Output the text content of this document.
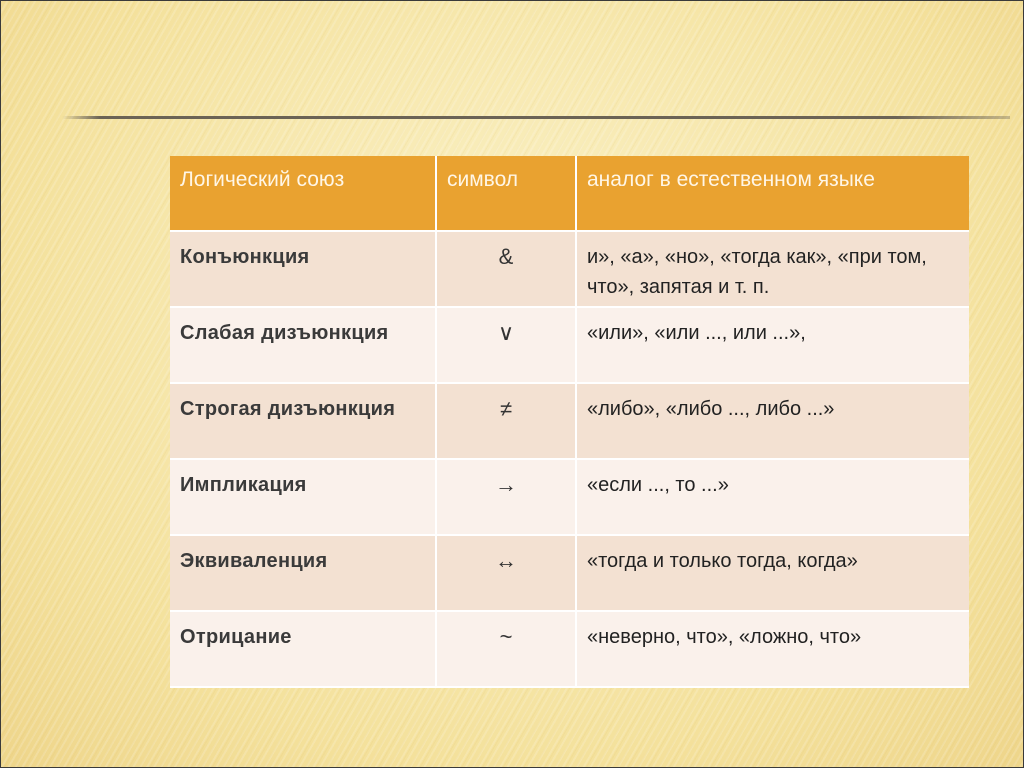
Логический союз	символ	аналог в естественном языке
Конъюнкция	&	и», «а», «но», «тогда как», «при том, что», запятая и т. п.
Слабая дизъюнкция	∨	«или», «или ..., или ...»,
Строгая дизъюнкция	≠	«либо», «либо ..., либо ...»
Импликация	→	«если ..., то ...»
Эквиваленция	↔	«тогда и только тогда, когда»
Отрицание	~	«неверно, что», «ложно, что»
